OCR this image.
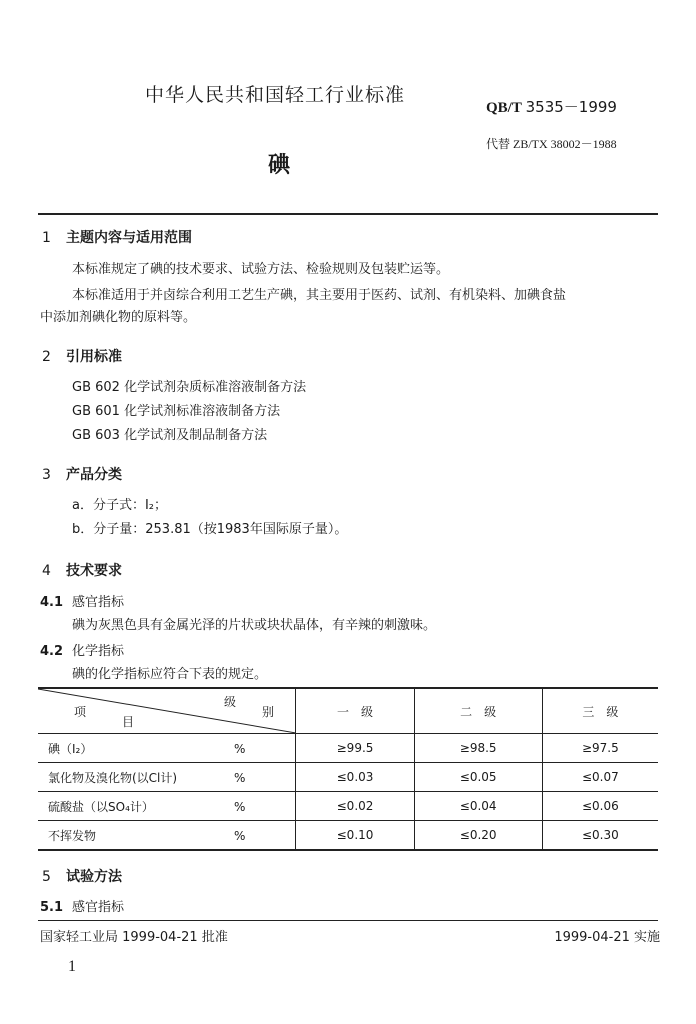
中华人民共和国轻工行业标准
QB/T 3535－1999
代替 ZB/TX 38002－1988
碘
1 主题内容与适用范围
本标准规定了碘的技术要求、试验方法、检验规则及包装贮运等。
本标准适用于并卤综合利用工艺生产碘，其主要用于医药、试剂、有机染料、加碘食盐
中添加剂碘化物的原料等。
2 引用标准
GB 602 化学试剂杂质标准溶液制备方法
GB 601 化学试剂标准溶液制备方法
GB 603 化学试剂及制品制备方法
3 产品分类
a．分子式：I₂；
b．分子量：253.81（按1983年国际原子量）。
4 技术要求
4.1 感官指标
碘为灰黑色具有金属光泽的片状或块状晶体，有辛辣的刺激味。
4.2 化学指标
碘的化学指标应符合下表的规定。
项
目
级
别	一　级	二　级	三　级
碘（I₂） %	≥99.5	≥98.5	≥97.5
氯化物及溴化物(以Cl计) %	≤0.03	≤0.05	≤0.07
硫酸盐（以SO₄计） %	≤0.02	≤0.04	≤0.06
不挥发物 %	≤0.10	≤0.20	≤0.30
5 试验方法
5.1 感官指标
国家轻工业局 1999-04-21 批准	1999-04-21 实施
1
